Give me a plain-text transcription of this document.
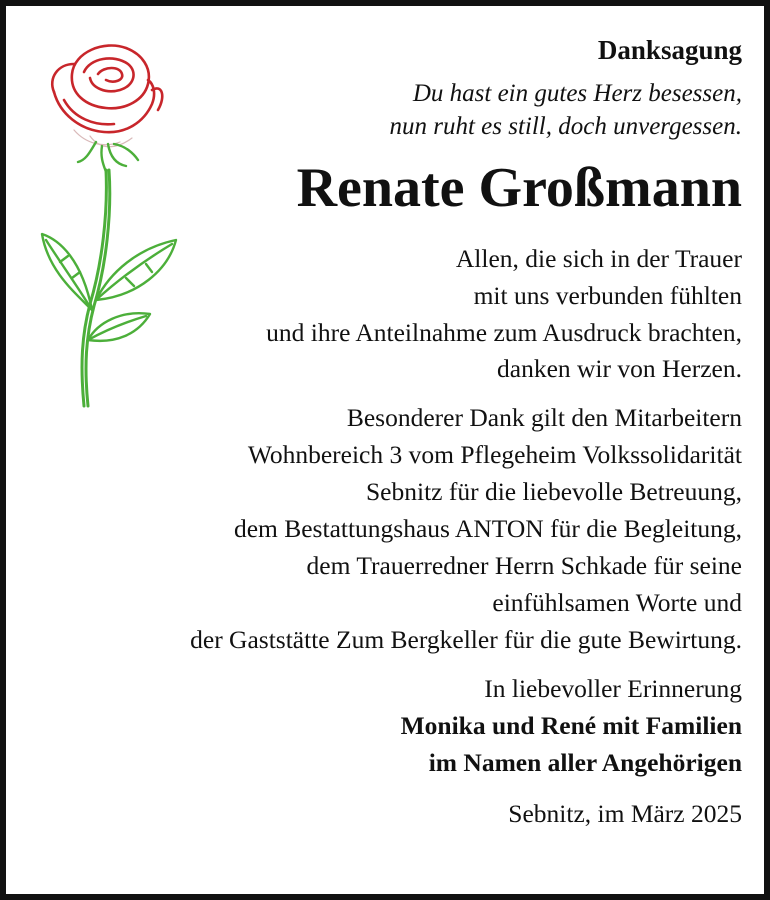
Danksagung
Du hast ein gutes Herz besessen,
nun ruht es still, doch unvergessen.
Renate Großmann
Allen, die sich in der Trauer
mit uns verbunden fühlten
und ihre Anteilnahme zum Ausdruck brachten,
danken wir von Herzen.
Besonderer Dank gilt den Mitarbeitern
Wohnbereich 3 vom Pflegeheim Volkssolidarität
Sebnitz für die liebevolle Betreuung,
dem Bestattungshaus ANTON für die Begleitung,
dem Trauerredner Herrn Schkade für seine
einfühlsamen Worte und
der Gaststätte Zum Bergkeller für die gute Bewirtung.
In liebevoller Erinnerung
Monika und René mit Familien
im Namen aller Angehörigen
Sebnitz, im März 2025
